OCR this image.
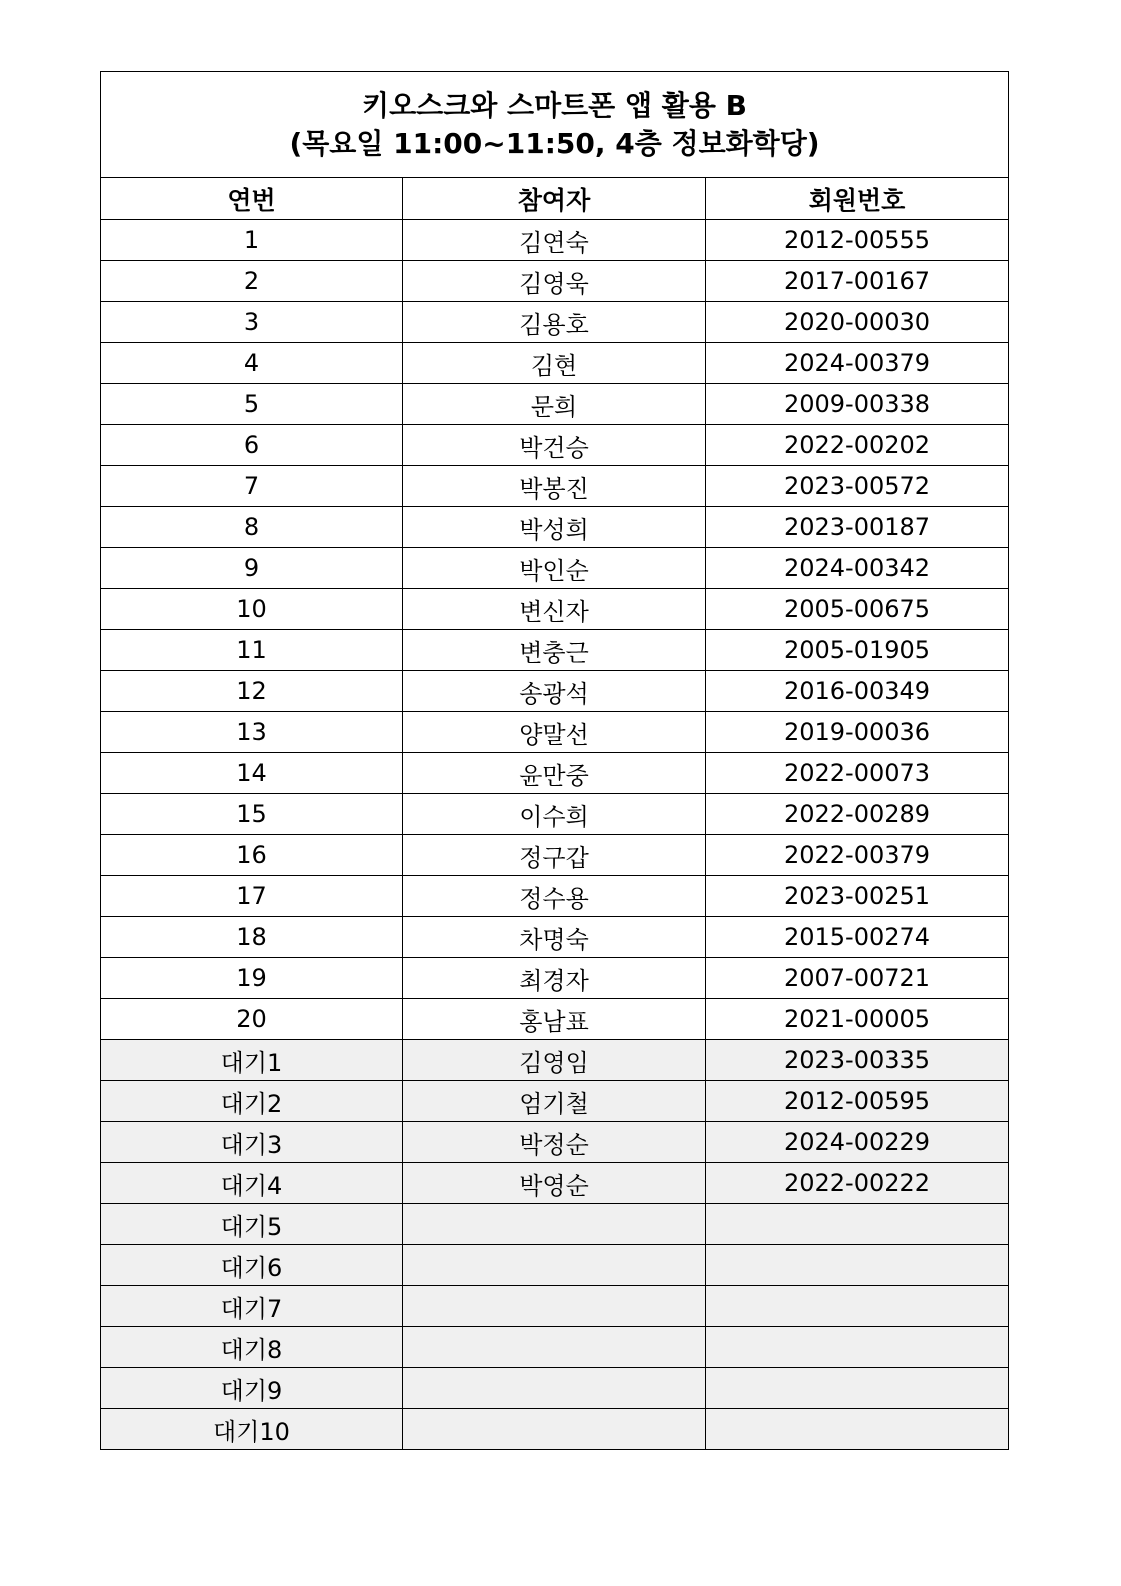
키오스크와 스마트폰 앱 활용 B
(목요일 11:00~11:50, 4층 정보화학당)		

연번	참여자	회원번호
1	김연숙	2012-00555
2	김영욱	2017-00167
3	김용호	2020-00030
4	김현	2024-00379
5	문희	2009-00338
6	박건승	2022-00202
7	박봉진	2023-00572
8	박성희	2023-00187
9	박인순	2024-00342
10	변신자	2005-00675
11	변충근	2005-01905
12	송광석	2016-00349
13	양말선	2019-00036
14	윤만중	2022-00073
15	이수희	2022-00289
16	정구갑	2022-00379
17	정수용	2023-00251
18	차명숙	2015-00274
19	최경자	2007-00721
20	홍남표	2021-00005
대기1	김영임	2023-00335
대기2	엄기철	2012-00595
대기3	박정순	2024-00229
대기4	박영순	2022-00222
대기5		
대기6		
대기7		
대기8		
대기9		
대기10		
